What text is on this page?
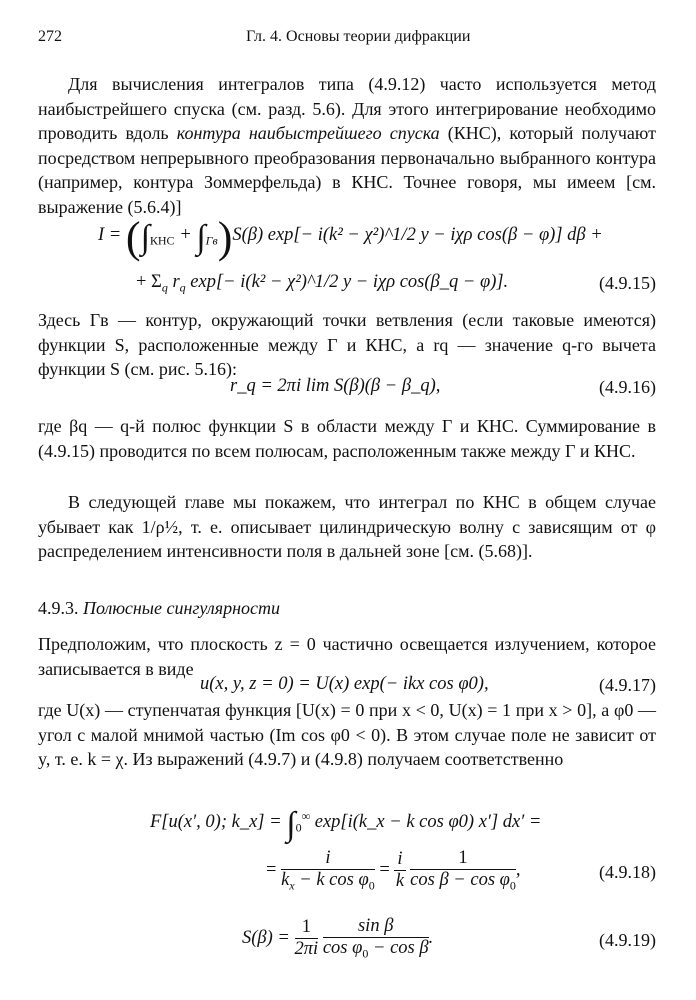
272	Гл. 4. Основы теории дифракции

Для вычисления интегралов типа (4.9.12) часто используется метод наибыстрейшего спуска (см. разд. 5.6). Для этого интегрирование необходимо проводить вдоль контура наибыстрейшего спуска (КНС), который получают посредством непрерывного преобразования первоначально выбранного контура (например, контура Зоммерфельда) в КНС. Точнее говоря, мы имеем [см. выражение (5.6.4)]

$I = (\int_{КНС} + \int_{\Gamma в})S(\beta)$ exp[− i(k² − χ²)^1/2 y − iχρ cos(β − φ)] dβ +
+ $\Sigma_q$ $r_q$ exp[− i(k² − χ²)^1/2 y − iχρ cos(β_q − φ)].	(4.9.15)

Здесь Γв — контур, окружающий точки ветвления (если таковые имеются) функции S, расположенные между Γ и КНС, а rq — значение q-го вычета функции S (см. рис. 5.16):

r_q = 2πi lim S(β)(β − β_q),	(4.9.16)

где βq — q-й полюс функции S в области между Γ и КНС. Суммирование в (4.9.15) проводится по всем полюсам, расположенным также между Γ и КНС.

В следующей главе мы покажем, что интеграл по КНС в общем случае убывает как 1/ρ½, т. е. описывает цилиндрическую волну с зависящим от φ распределением интенсивности поля в дальней зоне [см. (5.68)].

4.9.3. Полюсные сингулярности

Предположим, что плоскость z = 0 частично освещается излучением, которое записывается в виде

u(x, y, z = 0) = U(x) exp(− ikx cos φ0),	(4.9.17)

где U(x) — ступенчатая функция [U(x) = 0 при x < 0, U(x) = 1 при x > 0], а φ0 — угол с малой мнимой частью (Im cos φ0 < 0). В этом случае поле не зависит от y, т. е. k = χ. Из выражений (4.9.7) и (4.9.8) получаем соответственно

F[u(x′, 0); k_x] = $\int_0^\infty$ exp[i(k_x − k cos φ0) x′] dx′ =
= $\frac{i}{k_x - k \cos \varphi_0} = \frac{i}{k}$
$\frac{1}{\cos \beta - \cos \varphi_0}$ ,	(4.9.18)
$S(\beta) = \frac{1}{2\pi i}$
$\frac{\text{sin β}}{\cos \varphi_0 - \cos \beta}$ .	(4.9.19)
